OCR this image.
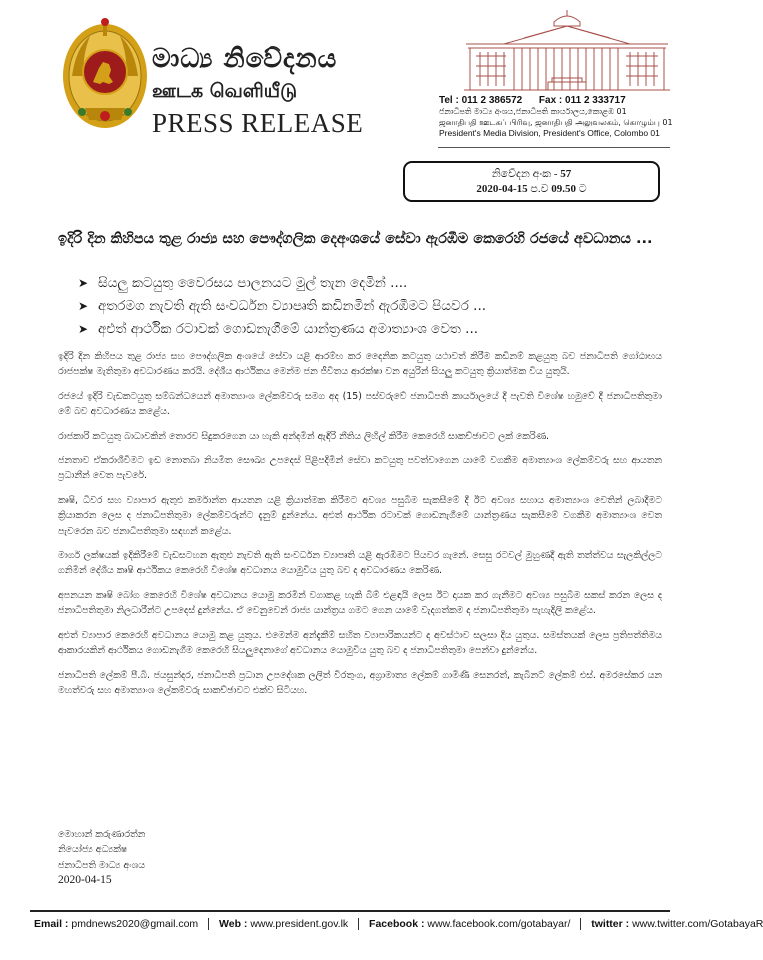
මාධ්‍ය නිවේදනය
ஊடக வெளியீடு
PRESS RELEASE
Tel : 011 2 386572 Fax : 011 2 333717
ජනාධිපති මාධ්‍ය අංශය,ජනාධිපති කාර්යාලය,කොළඹ 01
ஜனாதிபதி ஊடகப் பிரிவு, ஜனாதிபதி அலுவலகம், கொழும்பு 01
President's Media Division, President's Office, Colombo 01
නිවේදන අංක - 57
2020-04-15 ප.ව 09.50 ට
ඉදිරි දින කිහිපය තුළ රාජ්‍ය සහ පෞද්ගලික දෙඅංශයේ සේවා ඇරඹීම කෙරෙහි රජයේ අවධානය ...
➤ සියලු කටයුතු වෛරසය පාලනයට මුල් තැන දෙමින් ....
➤ අතරමග නැවති ඇති සංවර්ධන ව්‍යාපෘති කඩිනමින් ඇරඹීමට පියවර ...
➤ අළුත් ආර්ථික රටාවක් ගොඩනැගීමේ යාන්ත්‍රණය අමාත්‍යාංශ වෙත ...

ඉදිරි දින කිහිපය තුළ රාජ්‍ය සහ පෞද්ගලික අංශයේ සේවා යළි ආරම්භ කර දෛනික කටයුතු යථාවත් කිරීම කඩිනම් කළයුතු බව ජනාධිපති ගෝඨාභය රාජපක්ෂ මැතිතුමා අවධාරණය කරයි. දේශීය ආර්ථිකය මෙන්ම ජන ජීවිතය ආරක්ෂා වන අයුරින් සියලු කටයුතු ක්‍රියාත්මක විය යුතුයි.

රජයේ ඉදිරි වැඩකටයුතු සම්බන්ධයෙන් අමාත්‍යාංශ ලේකම්වරු සමග අද (15) පස්වරුවේ ජනාධිපති කාර්යාලයේ දී පැවති විශේෂ හමුවේ දී ජනාධිපතිතුමා මේ බව අවධාරණය කළේය.

රාජකාරි කටයුතු බාධාවකින් තොරව සිදුකරගෙන යා හැකි අන්දමින් ඇඳිරි නීතිය ලිහිල් කිරීම කෙරෙහි සාකච්ඡාවට ලක් කෙරිණ.

ජනතාව ඒකරාශීවීමට ඉඩ නොතබා නියමිත සෞඛ්‍ය උපදෙස් පිළිපදිමින් සේවා කටයුතු පවත්වාගෙන යාමේ වගකීම අමාත්‍යාංශ ලේකම්වරු සහ ආයතන ප්‍රධානීන් වෙත පැවරේ.

කෘෂි, ධීවර සහ ව්‍යාපාර ඇතුළු කර්මාන්ත ආයතන යළි ක්‍රියාත්මක කිරීමට අවශ්‍ය පසුබිම සැකසීමේ දී ඊට අවශ්‍ය සහාය අමාත්‍යාංශ වෙතින් ලබාදීමට ක්‍රියාකරන ලෙස ද ජනාධිපතිතුමා ලේකම්වරුන්ට දැනුම් දුන්නේය. අළුත් ආර්ථික රටාවක් ගොඩනැගීමේ යාන්ත්‍රණය සැකසීමේ වගකීම අමාත්‍යාංශ වෙත පැවරෙන බව ජනාධිපතිතුමා සඳහන් කළේය.

මාර්ග ලක්ෂයක් ඉදිකිරීමේ වැඩසටහන ඇතුළු නැවති ඇති සංවර්ධන ව්‍යාපෘති යළි ඇරඹීමට පියවර ගැනේ. සෙසු රටවල් මුහුණදී ඇති තත්ත්වය සැලකිල්ලට ගනිමින් දේශීය කෘෂි ආර්ථිකය කෙරෙහි විශේෂ අවධානය යොමුවිය යුතු බව ද අවධාරණය කෙරිණ.

අපනයන කෘෂි බෝග කෙරෙහි විශේෂ අවධානය යොමු කරමින් වගාකළ හැකි බිම් එළඳායි ලෙස ඊට දායක කර ගැනීමට අවශ්‍ය පසුබිම සකස් කරන ලෙස ද ජනාධිපතිතුමා නිලධාරීන්ට උපදෙස් දුන්නේය. ඒ වෙනුවෙන් රාජ්‍ය යාන්ත්‍රය ගමට ගෙන යාමේ වැදගත්කම ද ජනාධිපතිතුමා පැහැදිලි කළේය.

අළුත් ව්‍යාපාර කෙරෙහි අවධානය යොමු කළ යුතුය. එමෙන්ම අන්දැකීම් සහිත ව්‍යාපාරිකයන්ට ද අවස්ථාව සලසා දිය යුතුය. සමස්තයක් ලෙස ප්‍රතිපත්තිමය ආකාරයකින් ආර්ථිකය ගොඩනැගීම කෙරෙහි සියලුදෙනාගේ අවධානය යොමුවිය යුතු බව ද ජනාධිපතිතුමා පෙන්වා දුන්නේය.

ජනාධිපති ලේකම් පී.බී. ජයසුන්දර, ජනාධිපති ප්‍රධාන උපදේශක ලලිත් වීරතුංග, අග්‍රාමාත්‍ය ලේකම් ගාමිණී සෙනරත්, කැබිනට් ලේකම් එස්. අමරසේකර යන මහත්වරු සහ අමාත්‍යාංශ ලේකම්වරු සාකච්ඡාවට එක්ව සිටියහ.

මොහාන් කරුණාරත්න
නියෝජ්‍ය අධ්‍යක්ෂ
ජනාධිපති මාධ්‍ය අංශය
2020-04-15
Email : pmdnews2020@gmail.com Web : www.president.gov.lk Facebook : www.facebook.com/gotabayar/ twitter : www.twitter.com/GotabayaR
